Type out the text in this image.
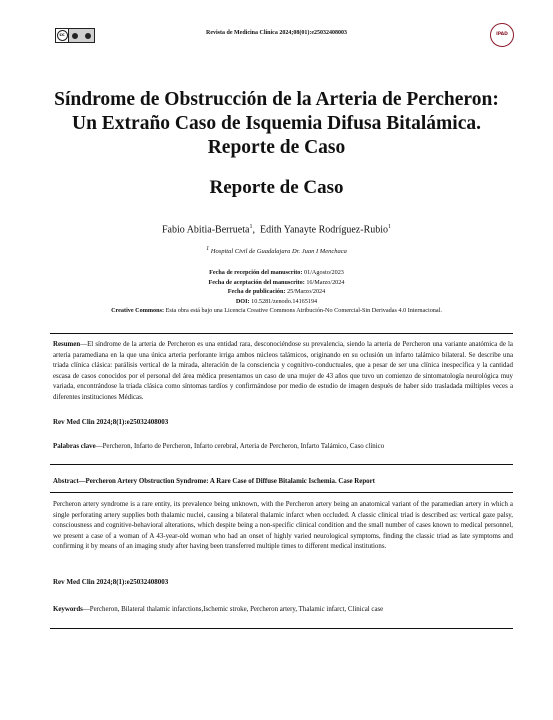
cc	Revista de Medicina Clínica 2024;08(01):e25032408003	IPAD
Síndrome de Obstrucción de la Arteria de Percheron: Un Extraño Caso de Isquemia Difusa Bitalámica. Reporte de Caso
Reporte de Caso
Fabio Abitia-Berrueta$^1$,  Edith Yanayte Rodríguez-Rubio$^1$
$^1$ Hospital Civil de Guadalajara Dr. Juan I Menchaca
Fecha de recepción del manuscrito: 01/Agosto/2023
Fecha de aceptación del manuscrito: 16/Marzo/2024
Fecha de publicación: 25/Marzo/2024
DOI: 10.5281/zenodo.14165194
Creative Commons: Esta obra está bajo una Licencia Creative Commons Atribución-No Comercial-Sin Derivadas 4.0 Internacional.
Resumen—El síndrome de la arteria de Percheron es una entidad rara, desconociéndose su prevalencia, siendo la arteria de Percheron una variante anatómica de la arteria paramediana en la que una única arteria perforante irriga ambos núcleos talámicos, originando en su oclusión un infarto talámico bilateral. Se describe una triada clínica clásica: parálisis vertical de la mirada, alteración de la consciencia y cognitivo-conductuales, que a pesar de ser una clínica inespecífica y la cantidad escasa de casos conocidos por el personal del área médica presentamos un caso de una mujer de 43 años que tuvo un comienzo de sintomatología neurológica muy variada, encontrándose la triada clásica como síntomas tardíos y confirmándose por medio de estudio de imagen después de haber sido trasladada múltiples veces a diferentes instituciones Médicas.
Rev Med Clin 2024;8(1):e25032408003
Palabras clave—Percheron, Infarto de Percheron, Infarto cerebral, Arteria de Percheron, Infarto Talámico, Caso clínico
Abstract—Percheron Artery Obstruction Syndrome: A Rare Case of Diffuse Bitalamic Ischemia. Case Report
Percheron artery syndrome is a rare entity, its prevalence being unknown, with the Percheron artery being an anatomical variant of the paramedian artery in which a single perforating artery supplies both thalamic nuclei, causing a bilateral thalamic infarct when occluded. A classic clinical triad is described as: vertical gaze palsy, consciousness and cognitive-behavioral alterations, which despite being a non-specific clinical condition and the small number of cases known to medical personnel, we present a case of a woman of A 43-year-old woman who had an onset of highly varied neurological symptoms, finding the classic triad as late symptoms and confirming it by means of an imaging study after having been transferred multiple times to different medical institutions.
Rev Med Clin 2024;8(1):e25032408003
Keywords—Percheron, Bilateral thalamic infarctions,Ischemic stroke, Percheron artery, Thalamic infarct, Clinical case
